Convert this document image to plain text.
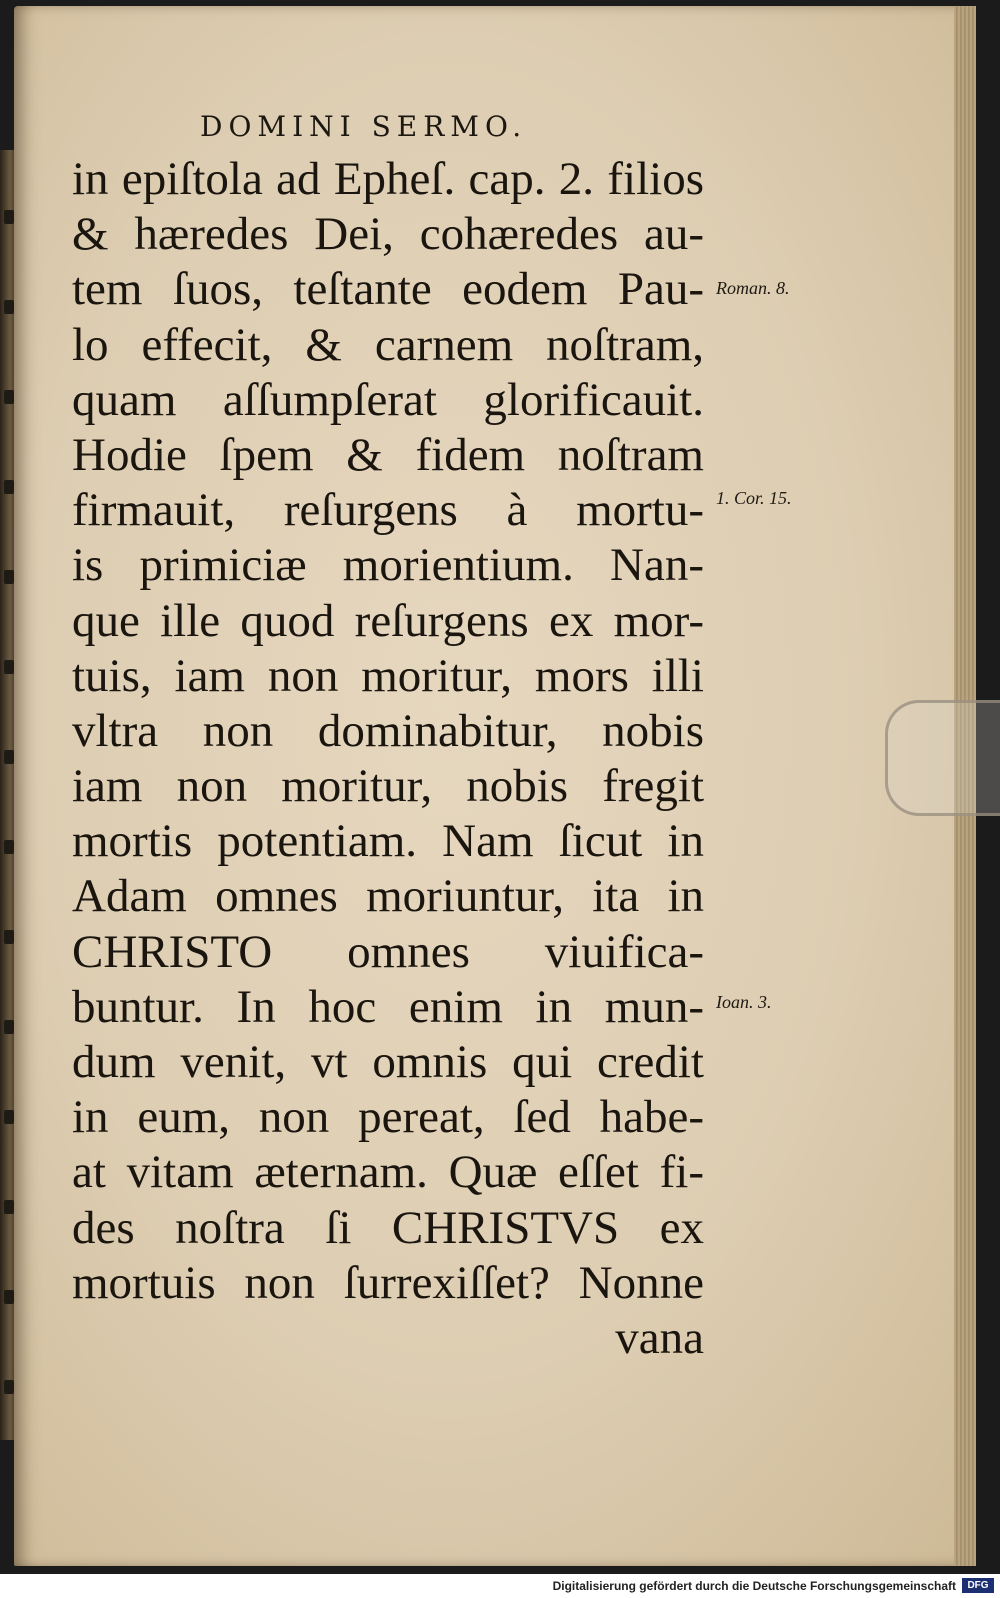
DOMINI SERMO.
in epiſtola ad Epheſ. cap. 2. filios
& hæredes Dei, cohæredes au-
tem ſuos, teſtante eodem Pau-
lo effecit, & carnem noſtram,
quam aſſumpſerat glorificauit.
Hodie ſpem & fidem noſtram
firmauit, reſurgens à mortu-
is primiciæ morientium. Nan-
que ille quod reſurgens ex mor-
tuis, iam non moritur, mors illi
vltra non dominabitur, nobis
iam non moritur, nobis fregit
mortis potentiam. Nam ſicut in
Adam omnes moriuntur, ita in
CHRISTO omnes viuifica-
buntur. In hoc enim in mun-
dum venit, vt omnis qui credit
in eum, non pereat, ſed habe-
at vitam æternam. Quæ eſſet fi-
des noſtra ſi CHRISTVS ex
mortuis non ſurrexiſſet? Nonne
vana
Roman. 8.
1. Cor. 15.
Ioan. 3.
Digitalisierung gefördert durch die Deutsche Forschungsgemeinschaft	DFG
